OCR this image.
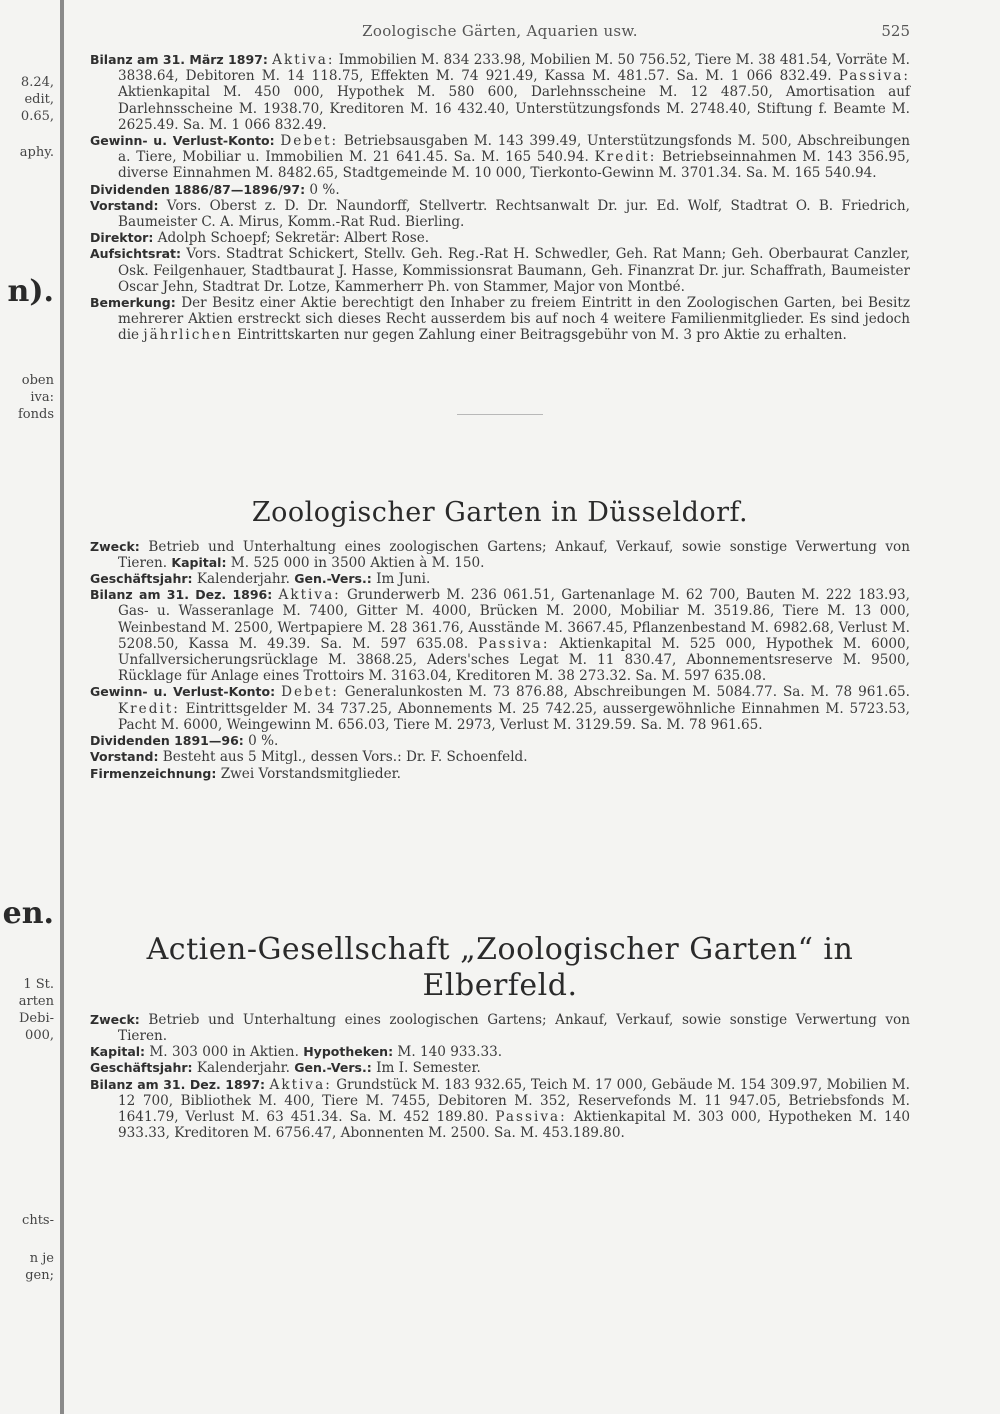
8.24,
edit,
0.65,
aphy.
n).
oben
iva:
fonds
en.
1 St.
arten
Debi-
000,
chts-
n je
gen;
Zoologische Gärten, Aquarien usw.	525

Bilanz am 31. März 1897: Aktiva: Immobilien M. 834 233.98, Mobilien M. 50 756.52, Tiere M. 38 481.54, Vorräte M. 3838.64, Debitoren M. 14 118.75, Effekten M. 74 921.49, Kassa M. 481.57. Sa. M. 1 066 832.49. Passiva: Aktienkapital M. 450 000, Hypothek M. 580 600, Darlehnsscheine M. 12 487.50, Amortisation auf Darlehnsscheine M. 1938.70, Kreditoren M. 16 432.40, Unterstützungsfonds M. 2748.40, Stiftung f. Beamte M. 2625.49. Sa. M. 1 066 832.49.

Gewinn- u. Verlust-Konto: Debet: Betriebsausgaben M. 143 399.49, Unterstützungsfonds M. 500, Abschreibungen a. Tiere, Mobiliar u. Immobilien M. 21 641.45. Sa. M. 165 540.94. Kredit: Betriebseinnahmen M. 143 356.95, diverse Einnahmen M. 8482.65, Stadtgemeinde M. 10 000, Tierkonto-Gewinn M. 3701.34. Sa. M. 165 540.94.

Dividenden 1886/87—1896/97: 0 %.

Vorstand: Vors. Oberst z. D. Dr. Naundorff, Stellvertr. Rechtsanwalt Dr. jur. Ed. Wolf, Stadtrat O. B. Friedrich, Baumeister C. A. Mirus, Komm.-Rat Rud. Bierling.

Direktor: Adolph Schoepf; Sekretär: Albert Rose.

Aufsichtsrat: Vors. Stadtrat Schickert, Stellv. Geh. Reg.-Rat H. Schwedler, Geh. Rat Mann; Geh. Oberbaurat Canzler, Osk. Feilgenhauer, Stadtbaurat J. Hasse, Kommissionsrat Baumann, Geh. Finanzrat Dr. jur. Schaffrath, Baumeister Oscar Jehn, Stadtrat Dr. Lotze, Kammerherr Ph. von Stammer, Major von Montbé.

Bemerkung: Der Besitz einer Aktie berechtigt den Inhaber zu freiem Eintritt in den Zoologischen Garten, bei Besitz mehrerer Aktien erstreckt sich dieses Recht ausserdem bis auf noch 4 weitere Familienmitglieder. Es sind jedoch die jährlichen Eintrittskarten nur gegen Zahlung einer Beitragsgebühr von M. 3 pro Aktie zu erhalten.

Zoologischer Garten in Düsseldorf.

Zweck: Betrieb und Unterhaltung eines zoologischen Gartens; Ankauf, Verkauf, sowie sonstige Verwertung von Tieren. Kapital: M. 525 000 in 3500 Aktien à M. 150.

Geschäftsjahr: Kalenderjahr. Gen.-Vers.: Im Juni.

Bilanz am 31. Dez. 1896: Aktiva: Grunderwerb M. 236 061.51, Gartenanlage M. 62 700, Bauten M. 222 183.93, Gas- u. Wasseranlage M. 7400, Gitter M. 4000, Brücken M. 2000, Mobiliar M. 3519.86, Tiere M. 13 000, Weinbestand M. 2500, Wertpapiere M. 28 361.76, Ausstände M. 3667.45, Pflanzenbestand M. 6982.68, Verlust M. 5208.50, Kassa M. 49.39. Sa. M. 597 635.08. Passiva: Aktienkapital M. 525 000, Hypothek M. 6000, Unfallversicherungsrücklage M. 3868.25, Aders'sches Legat M. 11 830.47, Abonnementsreserve M. 9500, Rücklage für Anlage eines Trottoirs M. 3163.04, Kreditoren M. 38 273.32. Sa. M. 597 635.08.

Gewinn- u. Verlust-Konto: Debet: Generalunkosten M. 73 876.88, Abschreibungen M. 5084.77. Sa. M. 78 961.65. Kredit: Eintrittsgelder M. 34 737.25, Abonnements M. 25 742.25, aussergewöhnliche Einnahmen M. 5723.53, Pacht M. 6000, Weingewinn M. 656.03, Tiere M. 2973, Verlust M. 3129.59. Sa. M. 78 961.65.

Dividenden 1891—96: 0 %.

Vorstand: Besteht aus 5 Mitgl., dessen Vors.: Dr. F. Schoenfeld.

Firmenzeichnung: Zwei Vorstandsmitglieder.

Actien-Gesellschaft „Zoologischer Garten“ in Elberfeld.

Zweck: Betrieb und Unterhaltung eines zoologischen Gartens; Ankauf, Verkauf, sowie sonstige Verwertung von Tieren.

Kapital: M. 303 000 in Aktien. Hypotheken: M. 140 933.33.

Geschäftsjahr: Kalenderjahr. Gen.-Vers.: Im I. Semester.

Bilanz am 31. Dez. 1897: Aktiva: Grundstück M. 183 932.65, Teich M. 17 000, Gebäude M. 154 309.97, Mobilien M. 12 700, Bibliothek M. 400, Tiere M. 7455, Debitoren M. 352, Reservefonds M. 11 947.05, Betriebsfonds M. 1641.79, Verlust M. 63 451.34. Sa. M. 452 189.80. Passiva: Aktienkapital M. 303 000, Hypotheken M. 140 933.33, Kreditoren M. 6756.47, Abonnenten M. 2500. Sa. M. 453.189.80.
